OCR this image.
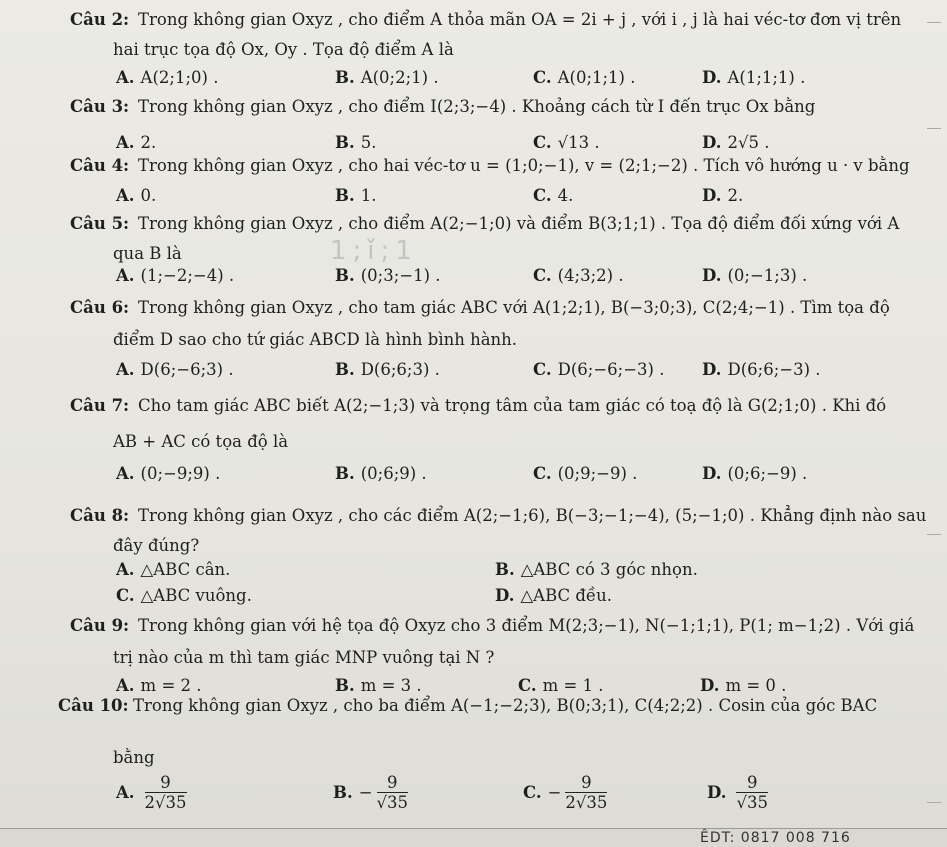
Câu 2: Trong không gian Oxyz , cho điểm A thỏa mãn OA = 2i + j , với i , j là hai véc-tơ đơn vị trên
hai trục tọa độ Ox, Oy . Tọa độ điểm A là
A. A(2;1;0) .	B. A(0;2;1) .	C. A(0;1;1) .	D. A(1;1;1) .
Câu 3: Trong không gian Oxyz , cho điểm I(2;3;−4) . Khoảng cách từ I đến trục Ox bằng
A. 2.	B. 5.	C. √13 .	D. 2√5 .
Câu 4: Trong không gian Oxyz , cho hai véc-tơ u = (1;0;−1), v = (2;1;−2) . Tích vô hướng u · v bằng
A. 0.	B. 1.	C. 4.	D. 2.
Câu 5: Trong không gian Oxyz , cho điểm A(2;−1;0) và điểm B(3;1;1) . Tọa độ điểm đối xứng với A
qua B là
A. (1;−2;−4) .	B. (0;3;−1) .	C. (4;3;2) .	D. (0;−1;3) .
1;ǐ;1
Câu 6: Trong không gian Oxyz , cho tam giác ABC với A(1;2;1), B(−3;0;3), C(2;4;−1) . Tìm tọa độ
điểm D sao cho tứ giác ABCD là hình bình hành.
A. D(6;−6;3) .	B. D(6;6;3) .	C. D(6;−6;−3) . D. D(6;6;−3) .
Câu 7: Cho tam giác ABC biết A(2;−1;3) và trọng tâm của tam giác có toạ độ là G(2;1;0) . Khi đó
AB + AC có tọa độ là
A. (0;−9;9) .	B. (0;6;9) .	C. (0;9;−9) .	D. (0;6;−9) .
Câu 8: Trong không gian Oxyz , cho các điểm A(2;−1;6), B(−3;−1;−4), (5;−1;0) . Khẳng định nào sau
đây đúng?
A. △ABC cân.	B. △ABC có 3 góc nhọn.
C. △ABC vuông.	D. △ABC đều.
Câu 9: Trong không gian với hệ tọa độ Oxyz cho 3 điểm M(2;3;−1), N(−1;1;1), P(1; m−1;2) . Với giá
trị nào của m thì tam giác MNP vuông tại N ?
A. m = 2 .	B. m = 3 .	C. m = 1 .	D. m = 0 .
Câu 10: Trong không gian Oxyz , cho ba điểm A(−1;−2;3), B(0;3;1), C(4;2;2) . Cosin của góc BAC
bằng
A. $\frac{9}{2√35}$	B. − $\frac{9}{√35}$	C. − $\frac{9}{2√35}$	D. $\frac{9}{√35}$
ÊDT: 0817 008 716
